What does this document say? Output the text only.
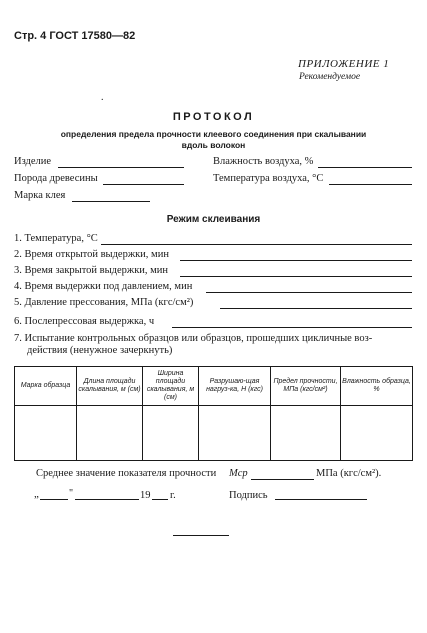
Стр. 4 ГОСТ 17580—82
ПРИЛОЖЕНИЕ 1
Рекомендуемое
.
ПРОТОКОЛ
определения предела прочности клеевого соединения при скалывании
вдоль волокон
Изделие	Влажность воздуха, %
Порода древесины	Температура воздуха, °С
Марка клея
Режим склеивания
1. Температура, °С
2. Время открытой выдержки, мин
3. Время закрытой выдержки, мин
4. Время выдержки под давлением, мин
5. Давление прессования, МПа (кгс/см²)
6. Послепрессовая выдержка, ч
7. Испытание контрольных образцов или образцов, прошедших цикличные воз-
действия (ненужное зачеркнуть)
Марка образца	Длина площади скалывания, м (см)	Ширина площади скалывания, м (см)	Разрушаю-щая нагруз-ка, Н (кгс)	Предел прочности, МПа (кгс/см²)	Влажность образца, %

Среднее значение показателя прочности Mср	МПа (кгс/см²).
„	"	19 г.	Подпись
